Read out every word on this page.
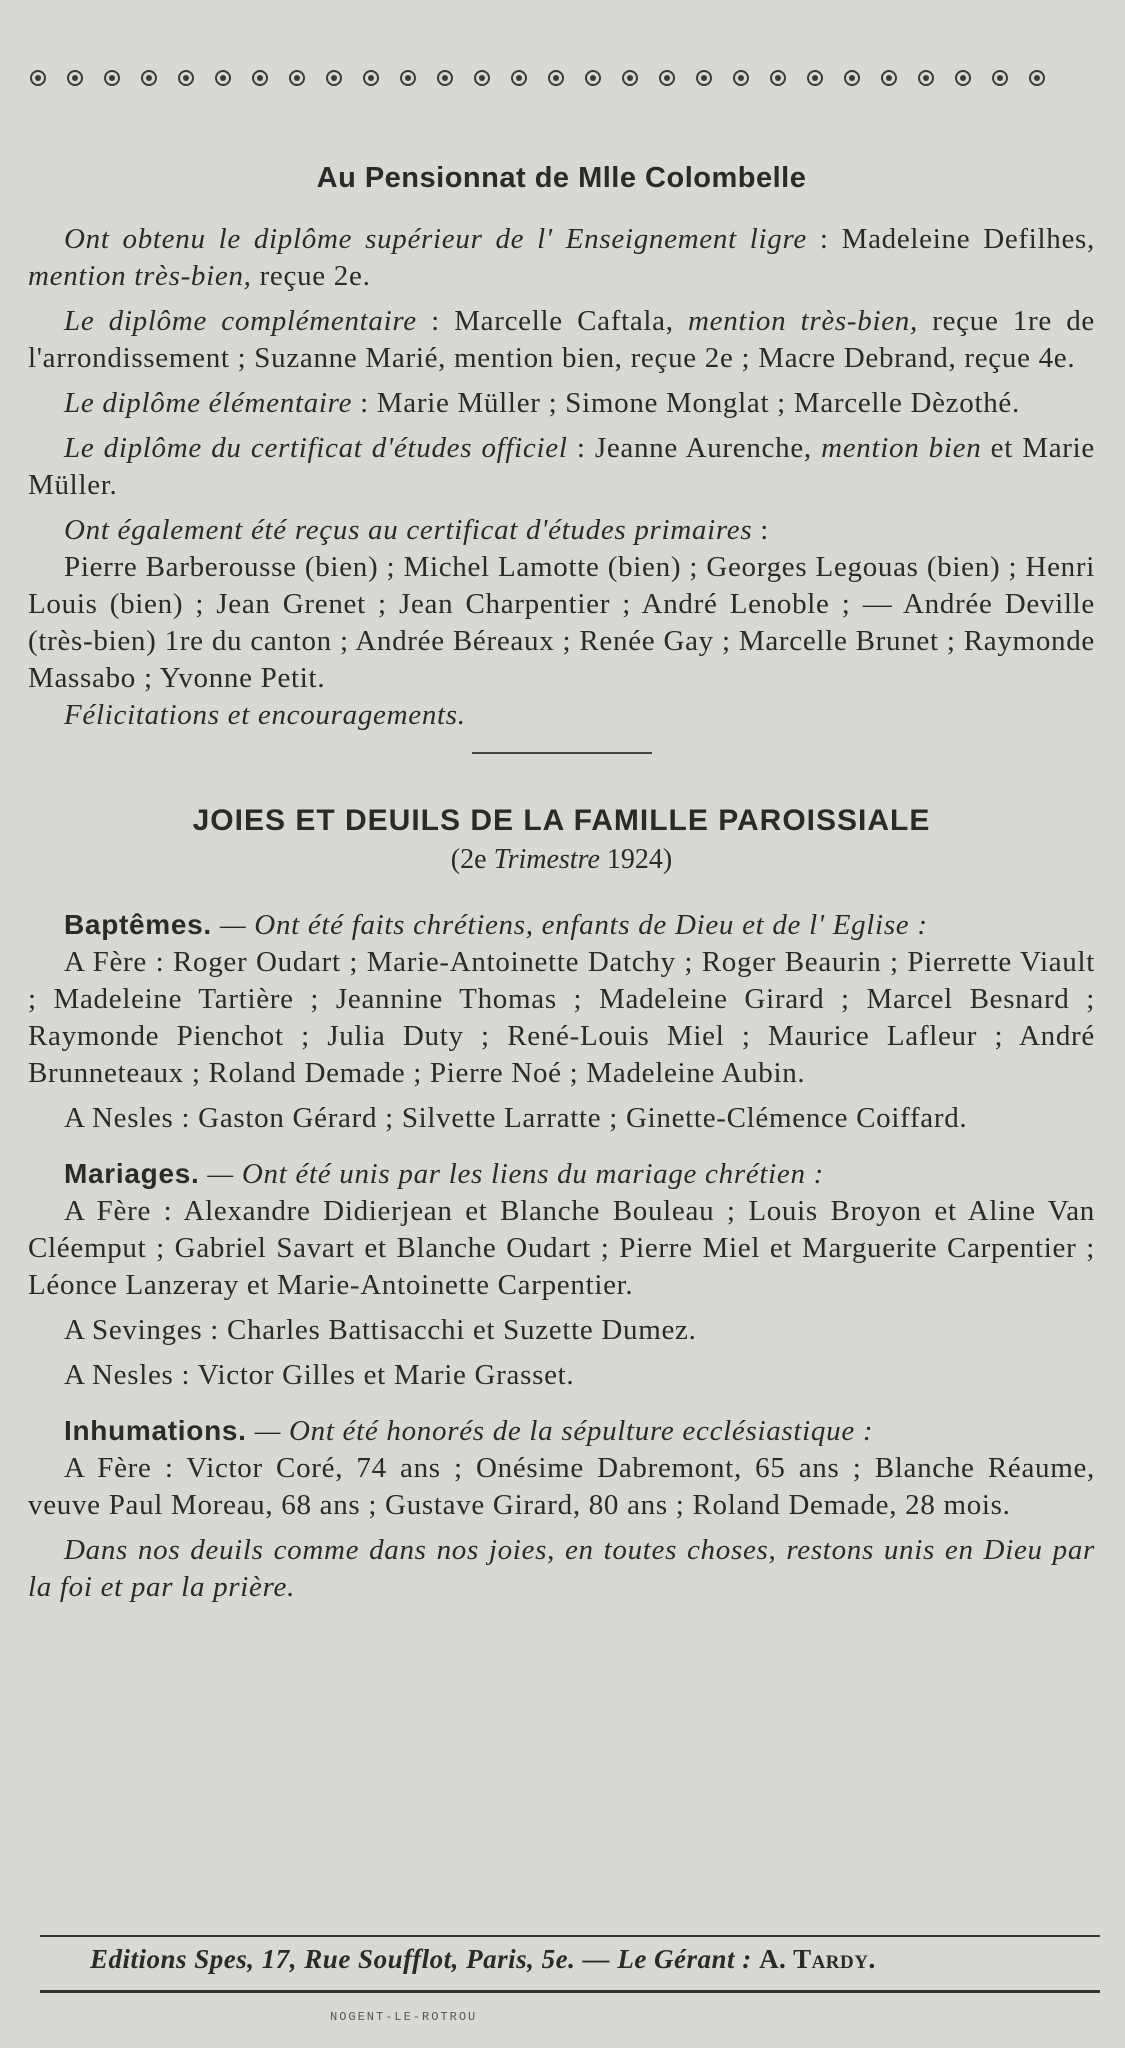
Au Pensionnat de Mlle Colombelle

Ont obtenu le diplôme supérieur de l' Enseignement ligre : Madeleine Defilhes, mention très-bien, reçue 2e.

Le diplôme complémentaire : Marcelle Caftala, mention très-bien, reçue 1re de l'arrondissement ; Suzanne Marié, mention bien, reçue 2e ; Macre Debrand, reçue 4e.

Le diplôme élémentaire : Marie Müller ; Simone Monglat ; Marcelle Dèzothé.

Le diplôme du certificat d'études officiel : Jeanne Aurenche, mention bien et Marie Müller.

Ont également été reçus au certificat d'études primaires :

Pierre Barberousse (bien) ; Michel Lamotte (bien) ; Georges Legouas (bien) ; Henri Louis (bien) ; Jean Grenet ; Jean Charpentier ; André Lenoble ; — Andrée Deville (très-bien) 1re du canton ; Andrée Béreaux ; Renée Gay ; Marcelle Brunet ; Raymonde Massabo ; Yvonne Petit.

Félicitations et encouragements.

JOIES ET DEUILS DE LA FAMILLE PAROISSIALE
(2e Trimestre 1924)

Baptêmes. — Ont été faits chrétiens, enfants de Dieu et de l' Eglise :

A Fère : Roger Oudart ; Marie-Antoinette Datchy ; Roger Beaurin ; Pierrette Viault ; Madeleine Tartière ; Jeannine Thomas ; Madeleine Girard ; Marcel Besnard ; Raymonde Pienchot ; Julia Duty ; René-Louis Miel ; Maurice Lafleur ; André Brunneteaux ; Roland Demade ; Pierre Noé ; Madeleine Aubin.

A Nesles : Gaston Gérard ; Silvette Larratte ; Ginette-Clémence Coiffard.

Mariages. — Ont été unis par les liens du mariage chrétien :

A Fère : Alexandre Didierjean et Blanche Bouleau ; Louis Broyon et Aline Van Cléemput ; Gabriel Savart et Blanche Oudart ; Pierre Miel et Marguerite Carpentier ; Léonce Lanzeray et Marie-Antoinette Carpentier.

A Sevinges : Charles Battisacchi et Suzette Dumez.

A Nesles : Victor Gilles et Marie Grasset.

Inhumations. — Ont été honorés de la sépulture ecclésiastique :

A Fère : Victor Coré, 74 ans ; Onésime Dabremont, 65 ans ; Blanche Réaume, veuve Paul Moreau, 68 ans ; Gustave Girard, 80 ans ; Roland Demade, 28 mois.

Dans nos deuils comme dans nos joies, en toutes choses, restons unis en Dieu par la foi et par la prière.

Editions Spes, 17, Rue Soufflot, Paris, 5e. — Le Gérant : A. Tardy.
NOGENT-LE-ROTROU
